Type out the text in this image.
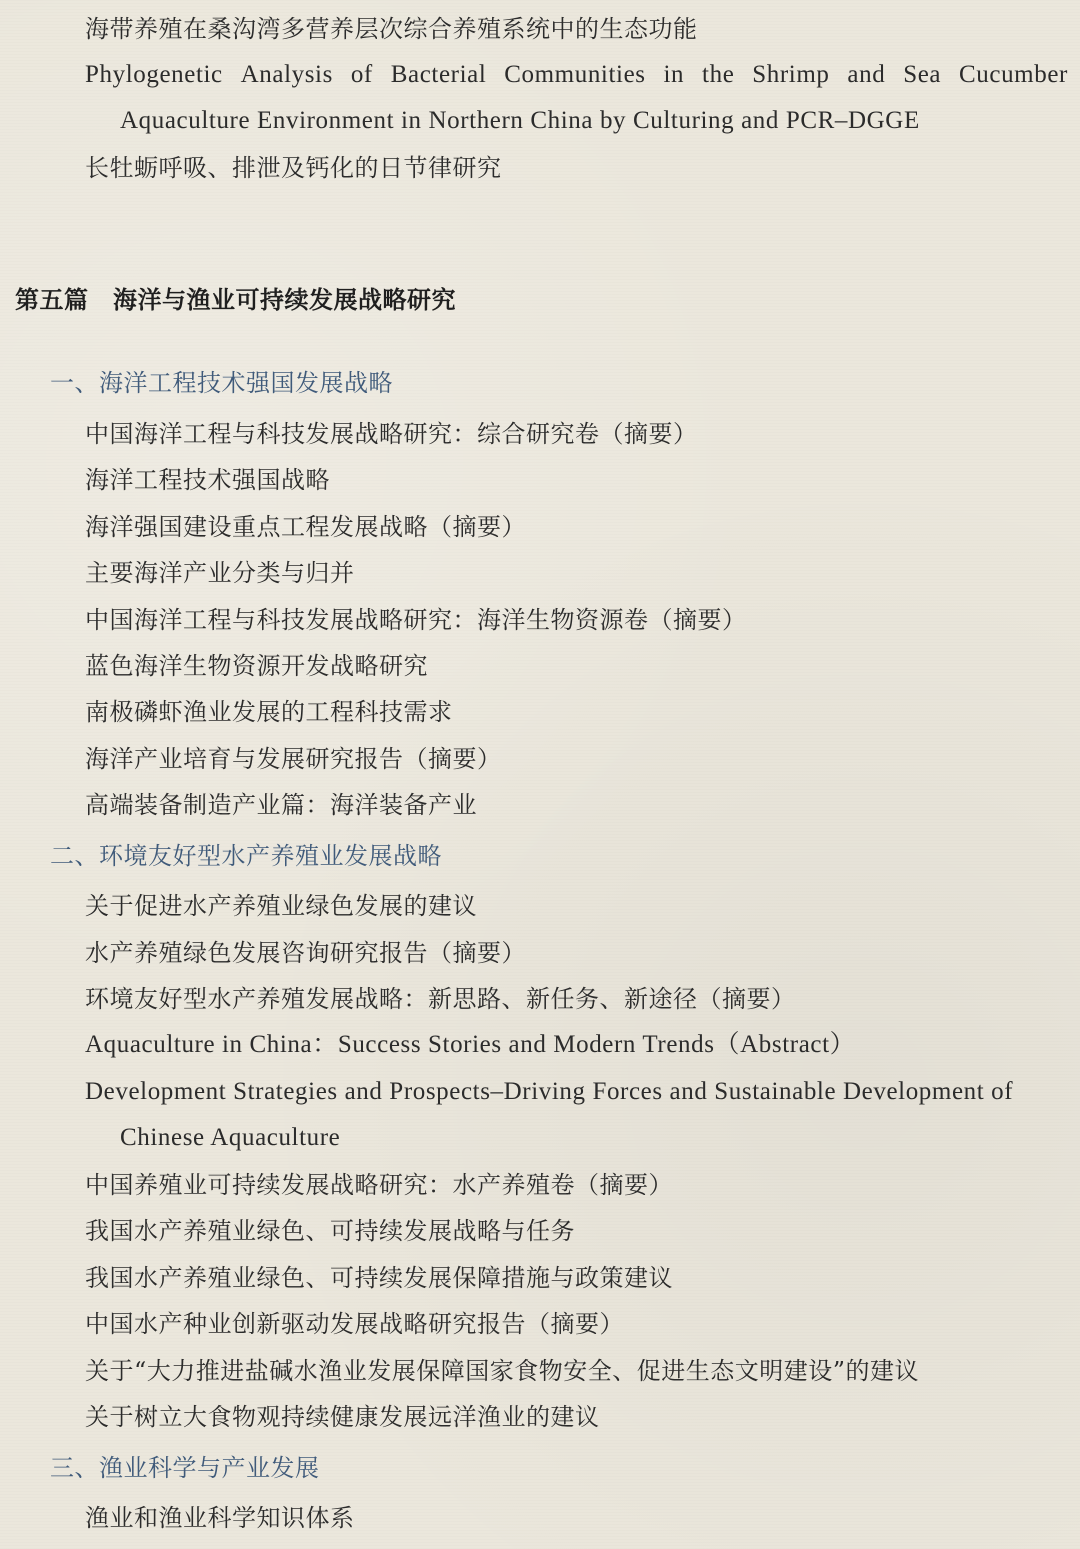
海带养殖在桑沟湾多营养层次综合养殖系统中的生态功能
Phylogenetic Analysis of Bacterial Communities in the Shrimp and Sea Cucumber
Aquaculture Environment in Northern China by Culturing and PCR–DGGE
长牡蛎呼吸、排泄及钙化的日节律研究
第五篇　海洋与渔业可持续发展战略研究
一、海洋工程技术强国发展战略
中国海洋工程与科技发展战略研究：综合研究卷（摘要）
海洋工程技术强国战略
海洋强国建设重点工程发展战略（摘要）
主要海洋产业分类与归并
中国海洋工程与科技发展战略研究：海洋生物资源卷（摘要）
蓝色海洋生物资源开发战略研究
南极磷虾渔业发展的工程科技需求
海洋产业培育与发展研究报告（摘要）
高端装备制造产业篇：海洋装备产业
二、环境友好型水产养殖业发展战略
关于促进水产养殖业绿色发展的建议
水产养殖绿色发展咨询研究报告（摘要）
环境友好型水产养殖发展战略：新思路、新任务、新途径（摘要）
Aquaculture in China：Success Stories and Modern Trends（Abstract）
Development Strategies and Prospects–Driving Forces and Sustainable Development of
Chinese Aquaculture
中国养殖业可持续发展战略研究：水产养殖卷（摘要）
我国水产养殖业绿色、可持续发展战略与任务
我国水产养殖业绿色、可持续发展保障措施与政策建议
中国水产种业创新驱动发展战略研究报告（摘要）
关于“大力推进盐碱水渔业发展保障国家食物安全、促进生态文明建设”的建议
关于树立大食物观持续健康发展远洋渔业的建议
三、渔业科学与产业发展
渔业和渔业科学知识体系
